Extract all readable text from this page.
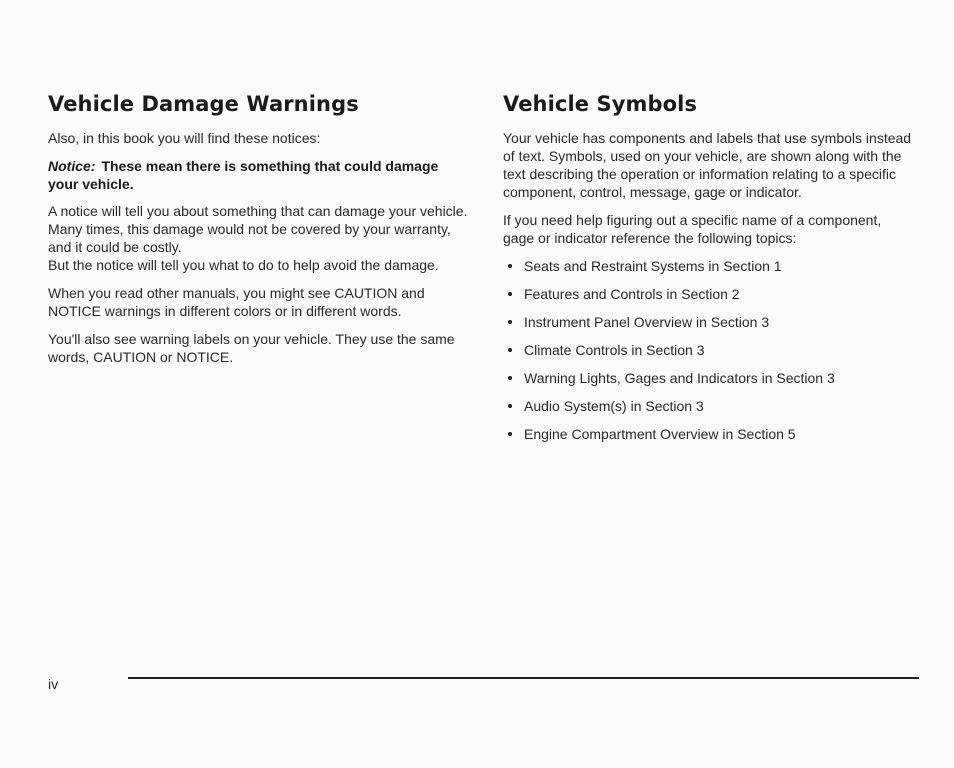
Vehicle Damage Warnings

Also, in this book you will find these notices:

Notice: These mean there is something that could damage your vehicle.

A notice will tell you about something that can damage your vehicle. Many times, this damage would not be covered by your warranty, and it could be costly.
But the notice will tell you what to do to help avoid the damage.

When you read other manuals, you might see CAUTION and NOTICE warnings in different colors or in different words.

You'll also see warning labels on your vehicle. They use the same words, CAUTION or NOTICE.

Vehicle Symbols

Your vehicle has components and labels that use symbols instead of text. Symbols, used on your vehicle, are shown along with the text describing the operation or information relating to a specific component, control, message, gage or indicator.

If you need help figuring out a specific name of a component, gage or indicator reference the following topics:

Seats and Restraint Systems in Section 1
Features and Controls in Section 2
Instrument Panel Overview in Section 3
Climate Controls in Section 3
Warning Lights, Gages and Indicators in Section 3
Audio System(s) in Section 3
Engine Compartment Overview in Section 5
iv
